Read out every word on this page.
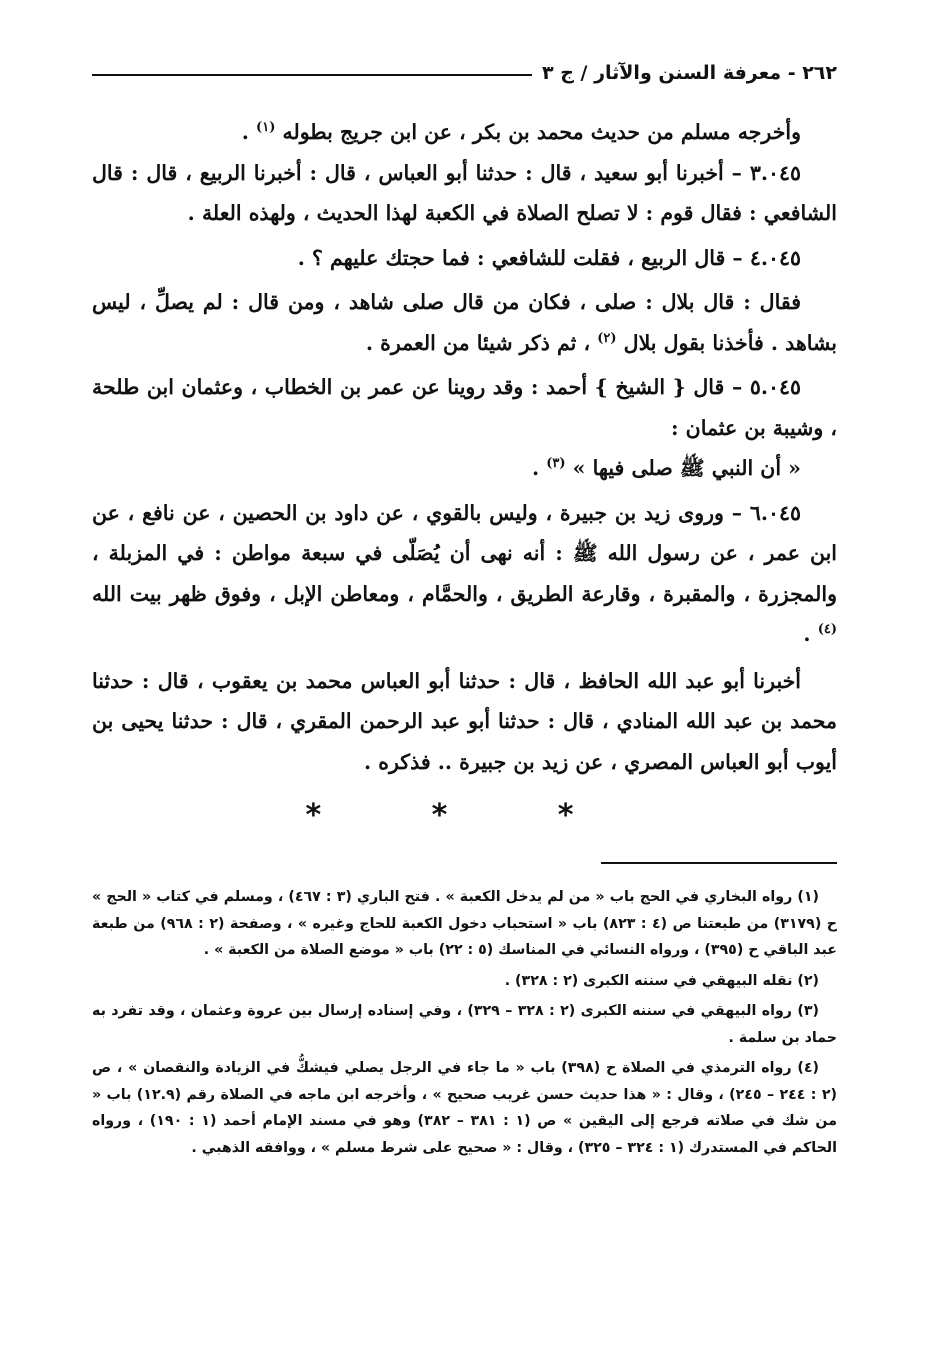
٢٦٢ - معرفة السنن والآثار / ج ٣

وأخرجه مسلم من حديث محمد بن بكر ، عن ابن جريج بطوله $^{(١)}$ .

٣.٠٤٥ – أخبرنا أبو سعيد ، قال : حدثنا أبو العباس ، قال : أخبرنا الربيع ، قال : قال الشافعي : فقال قوم : لا تصلح الصلاة في الكعبة لهذا الحديث ، ولهذه العلة .

٤.٠٤٥ – قال الربيع ، فقلت للشافعي : فما حجتك عليهم ؟ .

فقال : قال بلال : صلى ، فكان من قال صلى شاهد ، ومن قال : لم يصلِّ ، ليس بشاهد . فأخذنا بقول بلال $^{(٢)}$ ، ثم ذكر شيئا من العمرة .

٥.٠٤٥ – قال { الشيخ } أحمد : وقد روينا عن عمر بن الخطاب ، وعثمان ابن طلحة ، وشيبة بن عثمان :

« أن النبي ﷺ صلى فيها » $^{(٣)}$ .

٦.٠٤٥ – وروى زيد بن جبيرة ، وليس بالقوي ، عن داود بن الحصين ، عن نافع ، عن ابن عمر ، عن رسول الله ﷺ : أنه نهى أن يُصَلّى في سبعة مواطن : في المزبلة ، والمجزرة ، والمقبرة ، وقارعة الطريق ، والحمَّام ، ومعاطن الإبل ، وفوق ظهر بيت الله $^{(٤)}$ .

أخبرنا أبو عبد الله الحافظ ، قال : حدثنا أبو العباس محمد بن يعقوب ، قال : حدثنا محمد بن عبد الله المنادي ، قال : حدثنا أبو عبد الرحمن المقري ، قال : حدثنا يحيى بن أيوب أبو العباس المصري ، عن زيد بن جبيرة .. فذكره .

* * *

(١) رواه البخاري في الحج باب « من لم يدخل الكعبة » . فتح الباري (٣ : ٤٦٧) ، ومسلم في كتاب « الحج » ح (٣١٧٩) من طبعتنا ص (٤ : ٨٢٣) باب « استحباب دخول الكعبة للحاج وغيره » ، وصفحة (٢ : ٩٦٨) من طبعة عبد الباقي ح (٣٩٥) ، ورواه النسائي في المناسك (٥ : ٢٢) باب « موضع الصلاة من الكعبة » .

(٢) نقله البيهقي في سننه الكبرى (٢ : ٣٢٨) .

(٣) رواه البيهقي في سننه الكبرى (٢ : ٣٢٨ – ٣٢٩) ، وفي إسناده إرسال بين عروة وعثمان ، وقد تفرد به حماد بن سلمة .

(٤) رواه الترمذي في الصلاة ح (٣٩٨) باب « ما جاء في الرجل يصلي فيشكُّ في الزيادة والنقصان » ، ص (٢ : ٢٤٤ – ٢٤٥) ، وقال : « هذا حديث حسن غريب صحيح » ، وأخرجه ابن ماجه في الصلاة رقم (١٢.٩) باب « من شك في صلاته فرجع إلى اليقين » ص (١ : ٣٨١ – ٣٨٢) وهو في مسند الإمام أحمد (١ : ١٩٠) ، ورواه الحاكم في المستدرك (١ : ٣٢٤ – ٣٢٥) ، وقال : « صحيح على شرط مسلم » ، ووافقه الذهبي .
